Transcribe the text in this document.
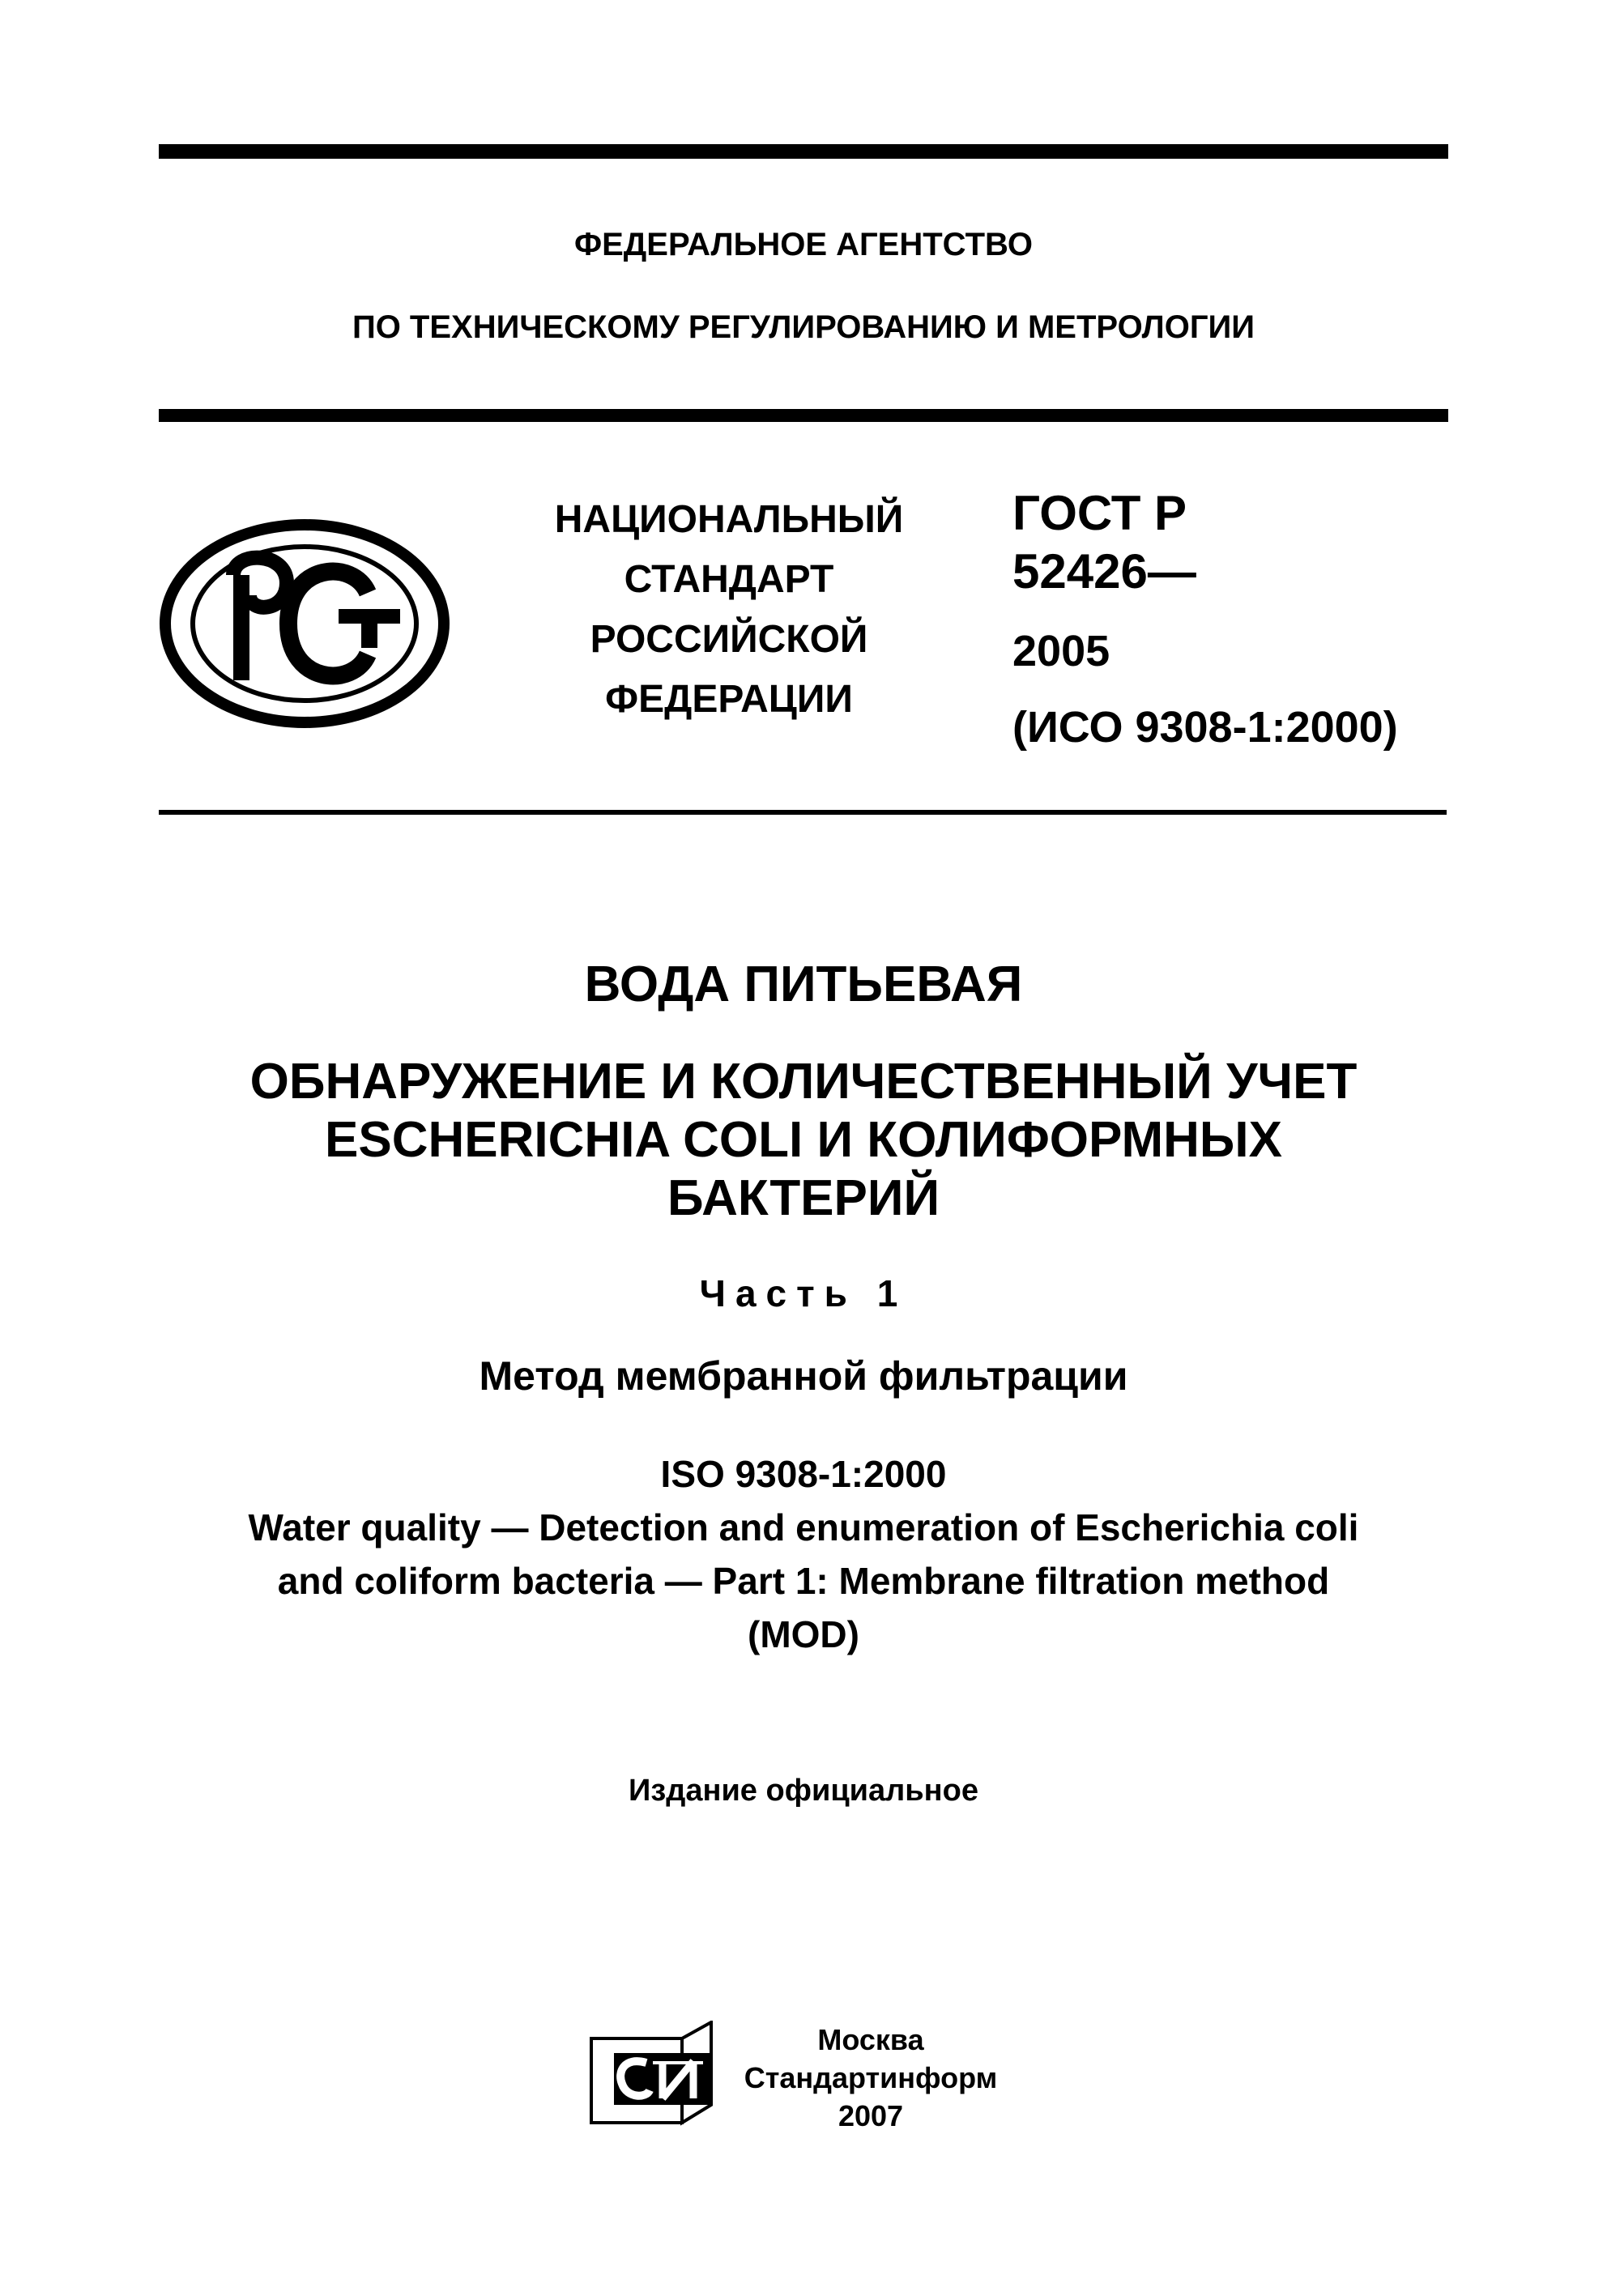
ФЕДЕРАЛЬНОЕ АГЕНТСТВО
ПО ТЕХНИЧЕСКОМУ РЕГУЛИРОВАНИЮ И МЕТРОЛОГИИ
НАЦИОНАЛЬНЫЙ
СТАНДАРТ
РОССИЙСКОЙ
ФЕДЕРАЦИИ
ГОСТ Р
52426—
2005
(ИСО 9308-1:2000)
ВОДА ПИТЬЕВАЯ
ОБНАРУЖЕНИЕ И КОЛИЧЕСТВЕННЫЙ УЧЕТ
ESCHERICHIA COLI И КОЛИФОРМНЫХ
БАКТЕРИЙ
Часть 1
Метод мембранной фильтрации
ISO 9308-1:2000
Water quality — Detection and enumeration of Escherichia coli
and coliform bacteria — Part 1: Membrane filtration method
(MOD)
Издание официальное
Москва
Стандартинформ
2007
